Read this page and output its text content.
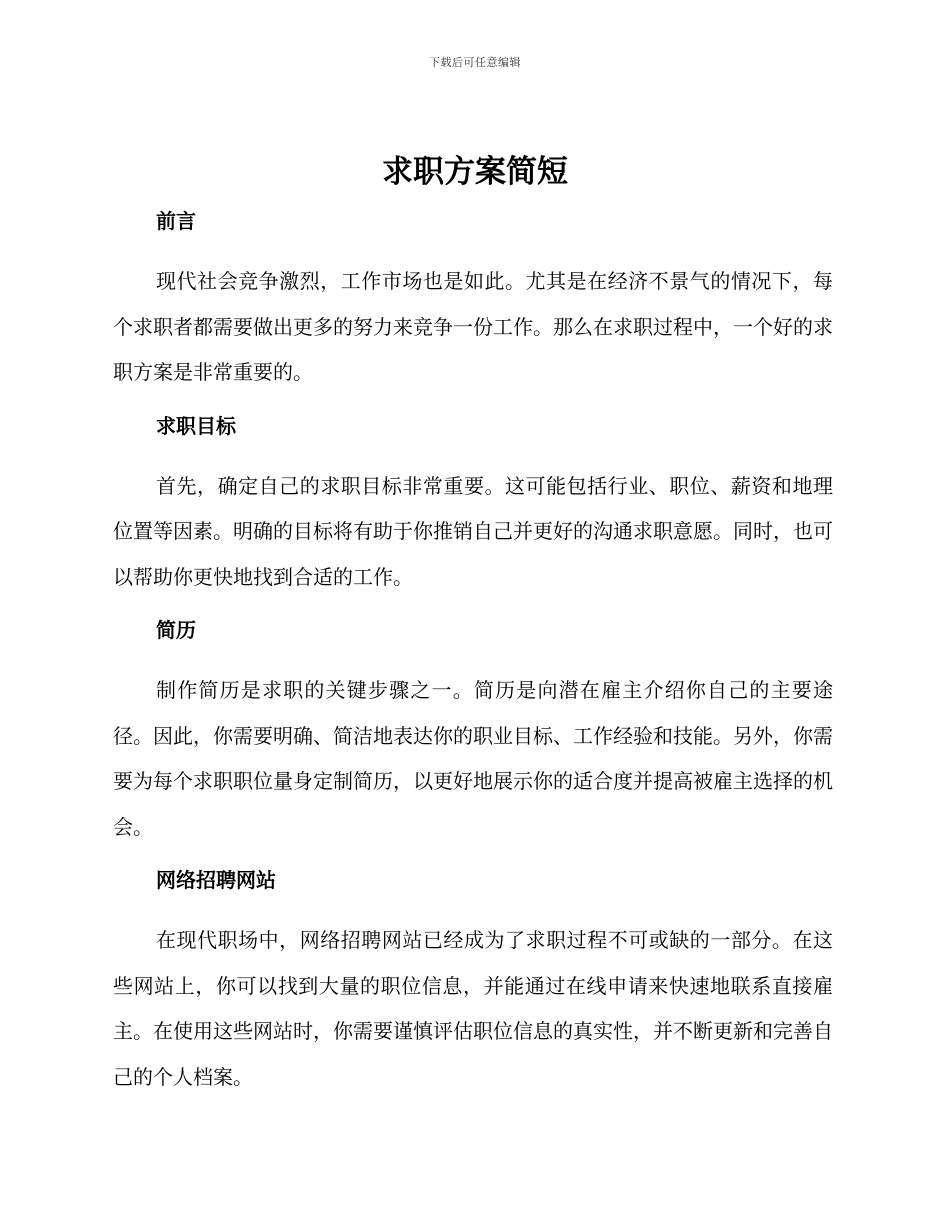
下载后可任意编辑
求职方案简短
前言

现代社会竞争激烈，工作市场也是如此。尤其是在经济不景气的情况下，每个求职者都需要做出更多的努力来竞争一份工作。那么在求职过程中，一个好的求职方案是非常重要的。

求职目标

首先，确定自己的求职目标非常重要。这可能包括行业、职位、薪资和地理位置等因素。明确的目标将有助于你推销自己并更好的沟通求职意愿。同时，也可以帮助你更快地找到合适的工作。

简历

制作简历是求职的关键步骤之一。简历是向潜在雇主介绍你自己的主要途径。因此，你需要明确、简洁地表达你的职业目标、工作经验和技能。另外，你需要为每个求职职位量身定制简历，以更好地展示你的适合度并提高被雇主选择的机会。

网络招聘网站

在现代职场中，网络招聘网站已经成为了求职过程不可或缺的一部分。在这些网站上，你可以找到大量的职位信息，并能通过在线申请来快速地联系直接雇主。在使用这些网站时，你需要谨慎评估职位信息的真实性，并不断更新和完善自己的个人档案。
